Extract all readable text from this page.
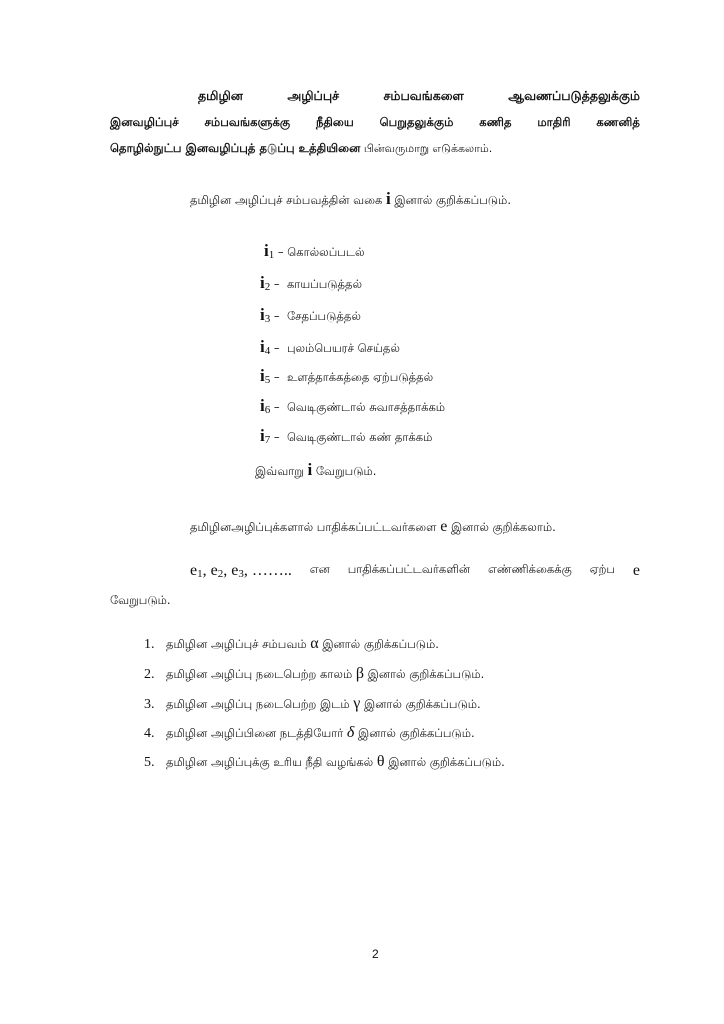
தமிழின	அழிப்புச்	சம்பவங்களை	ஆவணப்படுத்தலுக்கும்
இனவழிப்புச் சம்பவங்களுக்கு நீதியை பெறுதலுக்கும் கணித மாதிரி கணனித்
தொழில்நுட்ப இனவழிப்புத் தடுப்பு உத்தியினை பின்வருமாறு எடுக்கலாம்.
தமிழின அழிப்புச் சம்பவத்தின் வகை i இனால் குறிக்கப்படும்.
$i_1$ – கொல்லப்படல்
$i_2$ –  காயப்படுத்தல்
$i_3$ –  சேதப்படுத்தல்
$i_4$ –  புலம்பெயரச் செய்தல்
$i_5$ –  உளத்தாக்கத்தை ஏற்படுத்தல்
$i_6$ –  வெடிகுண்டால் சுவாசத்தாக்கம்
$i_7$ –  வெடிகுண்டால் கண் தாக்கம்
இவ்வாறு i வேறுபடும்.
தமிழினஅழிப்புக்களால் பாதிக்கப்பட்டவர்களை e இனால் குறிக்கலாம்.
$e_1$, $e_2$, $e_3$, …….. என பாதிக்கப்பட்டவர்களின் எண்ணிக்கைக்கு ஏற்ப e
வேறுபடும்.
1. தமிழின அழிப்புச் சம்பவம் α இனால் குறிக்கப்படும்.
2. தமிழின அழிப்பு நடைபெற்ற காலம் β இனால் குறிக்கப்படும்.
3. தமிழின அழிப்பு நடைபெற்ற இடம் γ இனால் குறிக்கப்படும்.
4. தமிழின அழிப்பினை நடத்தியோர் δ இனால் குறிக்கப்படும்.
5. தமிழின அழிப்புக்கு உரிய நீதி வழங்கல் θ இனால் குறிக்கப்படும்.
2
